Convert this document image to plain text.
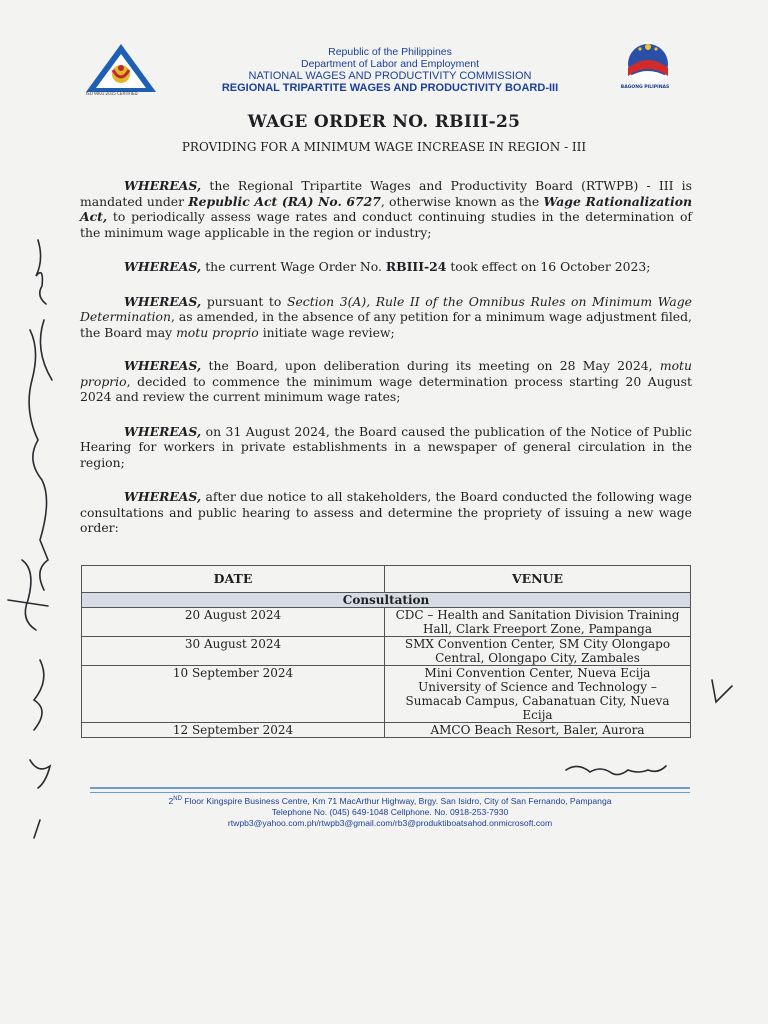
ISO 9001:2015 CERTIFIED
Republic of the Philippines
Department of Labor and Employment
NATIONAL WAGES AND PRODUCTIVITY COMMISSION
REGIONAL TRIPARTITE WAGES AND PRODUCTIVITY BOARD-III	BAGONG PILIPINAS
WAGE ORDER NO. RBIII-25
PROVIDING FOR A MINIMUM WAGE INCREASE IN REGION - III

WHEREAS, the Regional Tripartite Wages and Productivity Board (RTWPB) - III is mandated under Republic Act (RA) No. 6727, otherwise known as the Wage Rationalization Act, to periodically assess wage rates and conduct continuing studies in the determination of the minimum wage applicable in the region or industry;

WHEREAS, the current Wage Order No. RBIII-24 took effect on 16 October 2023;

WHEREAS, pursuant to Section 3(A), Rule II of the Omnibus Rules on Minimum Wage Determination, as amended, in the absence of any petition for a minimum wage adjustment filed, the Board may motu proprio initiate wage review;

WHEREAS, the Board, upon deliberation during its meeting on 28 May 2024, motu proprio, decided to commence the minimum wage determination process starting 20 August 2024 and review the current minimum wage rates;

WHEREAS, on 31 August 2024, the Board caused the publication of the Notice of Public Hearing for workers in private establishments in a newspaper of general circulation in the region;

WHEREAS, after due notice to all stakeholders, the Board conducted the following wage consultations and public hearing to assess and determine the propriety of issuing a new wage order:

DATE	VENUE
Consultation	
20 August 2024	CDC – Health and Sanitation Division Training Hall, Clark Freeport Zone, Pampanga
30 August 2024	SMX Convention Center, SM City Olongapo Central, Olongapo City, Zambales
10 September 2024	Mini Convention Center, Nueva Ecija University of Science and Technology – Sumacab Campus, Cabanatuan City, Nueva Ecija
12 September 2024	AMCO Beach Resort, Baler, Aurora
2ND Floor Kingspire Business Centre, Km 71 MacArthur Highway, Brgy. San Isidro, City of San Fernando, Pampanga
Telephone No. (045) 649-1048 Cellphone. No. 0918-253-7930
rtwpb3@yahoo.com.ph/rtwpb3@gmail.com/rb3@produktiboatsahod.onmicrosoft.com
